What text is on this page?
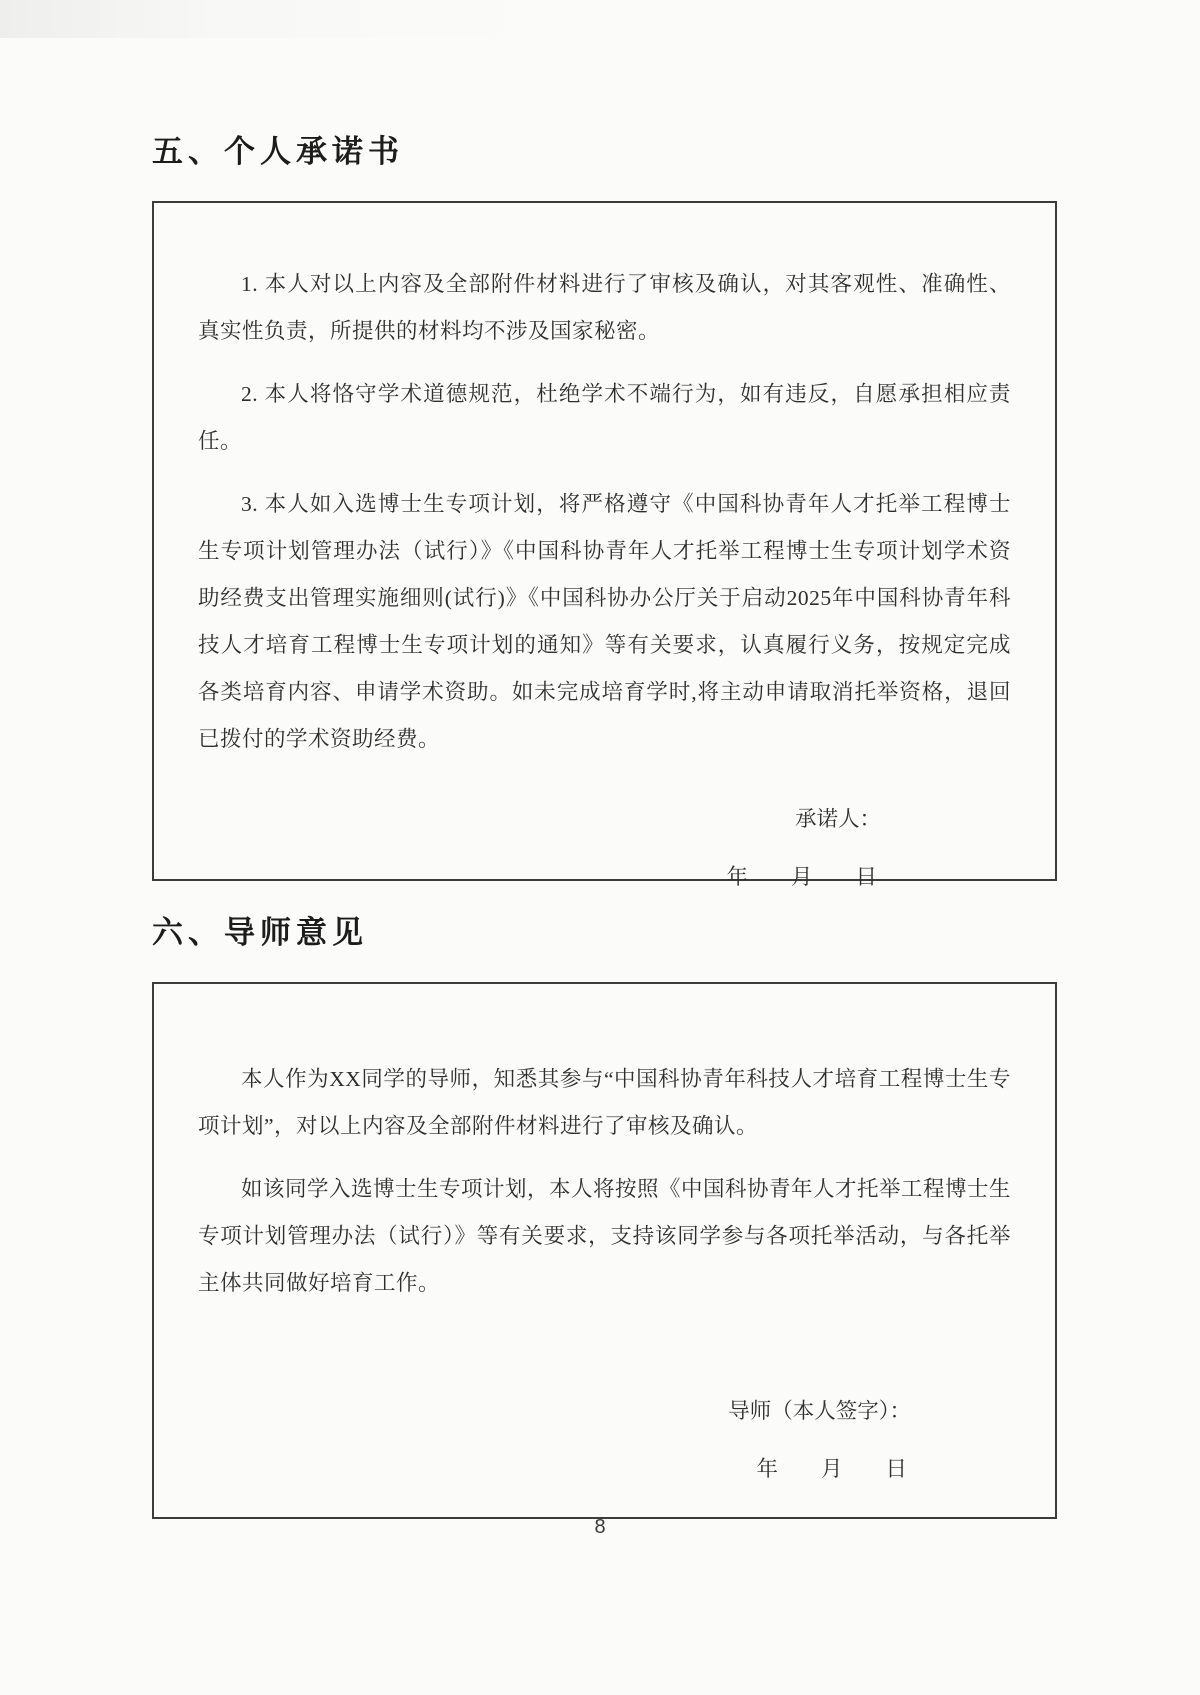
五、个人承诺书

1. 本人对以上内容及全部附件材料进行了审核及确认，对其客观性、准确性、真实性负责，所提供的材料均不涉及国家秘密。

2. 本人将恪守学术道德规范，杜绝学术不端行为，如有违反，自愿承担相应责任。

3. 本人如入选博士生专项计划，将严格遵守《中国科协青年人才托举工程博士生专项计划管理办法（试行）》《中国科协青年人才托举工程博士生专项计划学术资助经费支出管理实施细则(试行)》《中国科协办公厅关于启动2025年中国科协青年科技人才培育工程博士生专项计划的通知》等有关要求，认真履行义务，按规定完成各类培育内容、申请学术资助。如未完成培育学时,将主动申请取消托举资格，退回已拨付的学术资助经费。

承诺人：
年　　月　　日
六、导师意见

本人作为XX同学的导师，知悉其参与“中国科协青年科技人才培育工程博士生专项计划”，对以上内容及全部附件材料进行了审核及确认。

如该同学入选博士生专项计划，本人将按照《中国科协青年人才托举工程博士生专项计划管理办法（试行）》等有关要求，支持该同学参与各项托举活动，与各托举主体共同做好培育工作。

导师（本人签字）：
年　　月　　日
8
